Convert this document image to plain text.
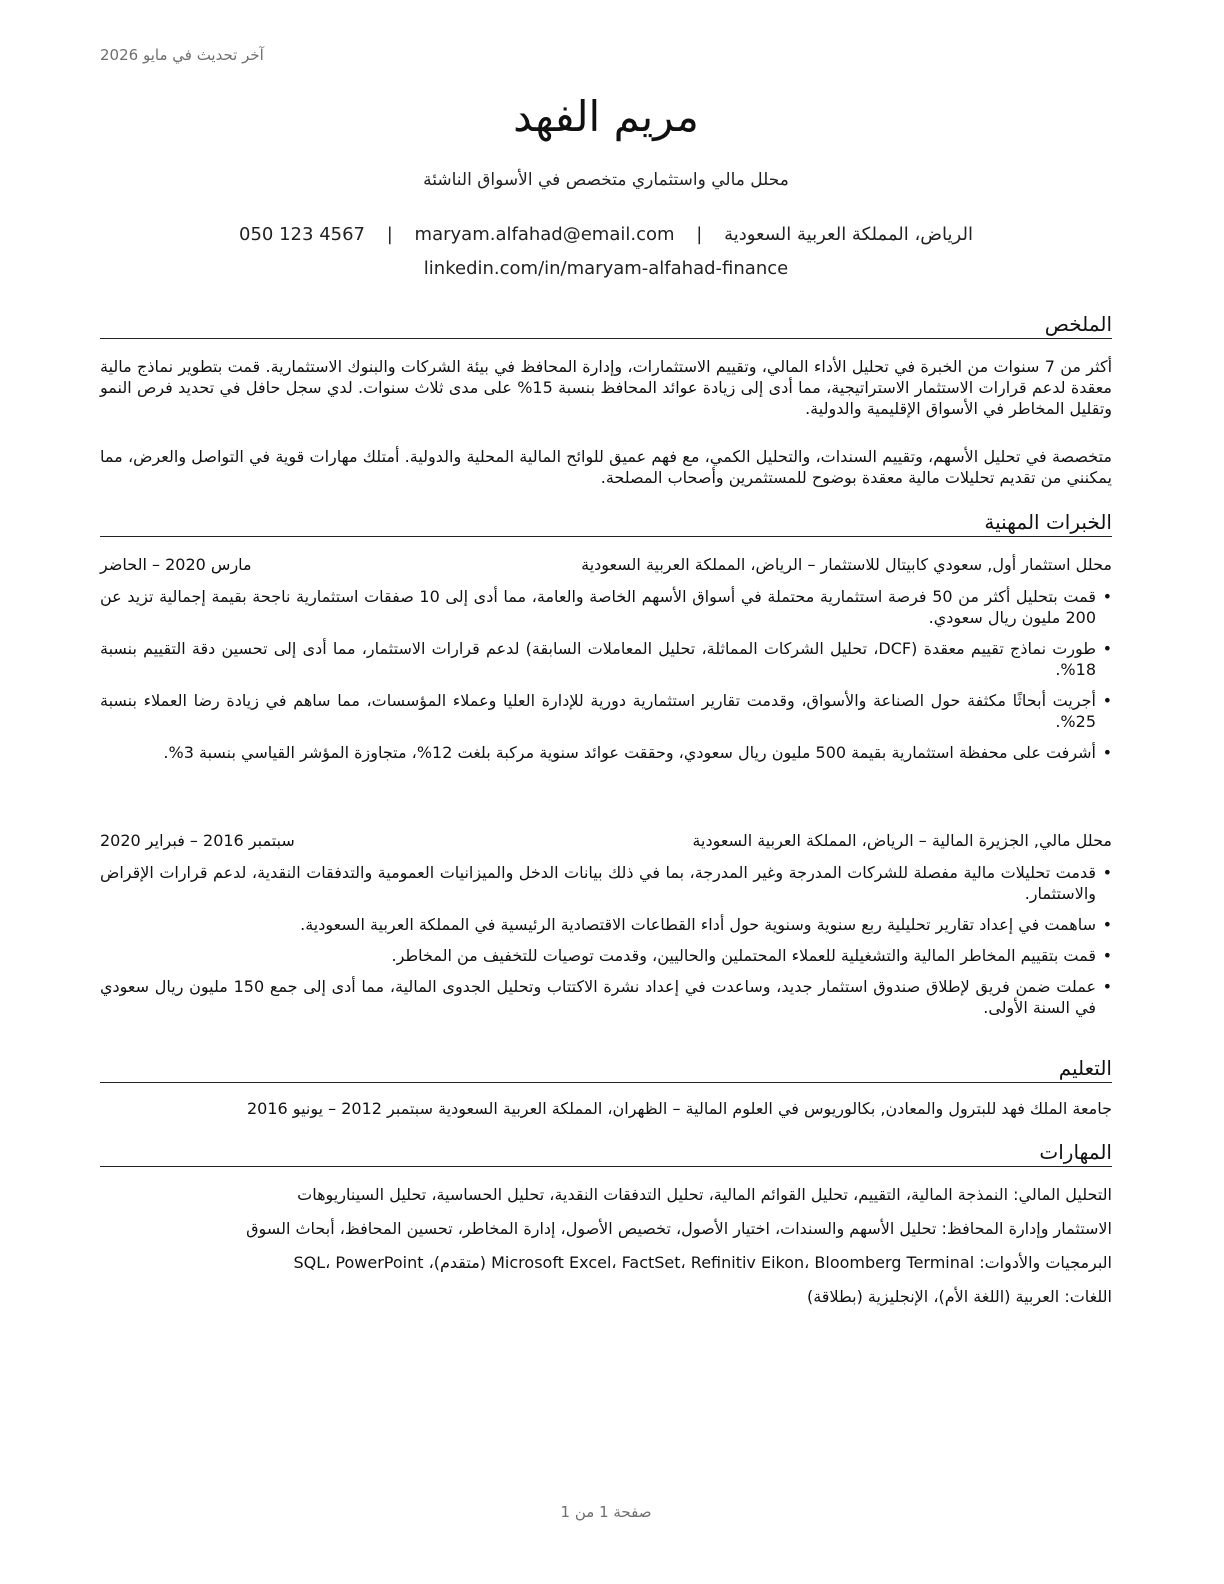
آخر تحديث في مايو 2026
مريم الفهد
محلل مالي واستثماري متخصص في الأسواق الناشئة
الرياض، المملكة العربية السعودية | maryam.alfahad@email.com | 050 123 4567
linkedin.com/in/maryam-alfahad-finance
الملخص

أكثر من 7 سنوات من الخبرة في تحليل الأداء المالي، وتقييم الاستثمارات، وإدارة المحافظ في بيئة الشركات والبنوك الاستثمارية. قمت بتطوير نماذج مالية معقدة لدعم قرارات الاستثمار الاستراتيجية، مما أدى إلى زيادة عوائد المحافظ بنسبة 15% على مدى ثلاث سنوات. لدي سجل حافل في تحديد فرص النمو وتقليل المخاطر في الأسواق الإقليمية والدولية.

متخصصة في تحليل الأسهم، وتقييم السندات، والتحليل الكمي، مع فهم عميق للوائح المالية المحلية والدولية. أمتلك مهارات قوية في التواصل والعرض، مما يمكنني من تقديم تحليلات مالية معقدة بوضوح للمستثمرين وأصحاب المصلحة.

الخبرات المهنية
محلل استثمار أول, سعودي كابيتال للاستثمار – الرياض، المملكة العربية السعودية
مارس 2020 – الحاضر
• قمت بتحليل أكثر من 50 فرصة استثمارية محتملة في أسواق الأسهم الخاصة والعامة، مما أدى إلى 10 صفقات استثمارية ناجحة بقيمة إجمالية تزيد عن 200 مليون ريال سعودي.
• طورت نماذج تقييم معقدة (DCF، تحليل الشركات المماثلة، تحليل المعاملات السابقة) لدعم قرارات الاستثمار، مما أدى إلى تحسين دقة التقييم بنسبة 18%.
• أجريت أبحاثًا مكثفة حول الصناعة والأسواق، وقدمت تقارير استثمارية دورية للإدارة العليا وعملاء المؤسسات، مما ساهم في زيادة رضا العملاء بنسبة 25%.
• أشرفت على محفظة استثمارية بقيمة 500 مليون ريال سعودي، وحققت عوائد سنوية مركبة بلغت 12%، متجاوزة المؤشر القياسي بنسبة 3%.
محلل مالي, الجزيرة المالية – الرياض، المملكة العربية السعودية
سبتمبر 2016 – فبراير 2020
• قدمت تحليلات مالية مفصلة للشركات المدرجة وغير المدرجة، بما في ذلك بيانات الدخل والميزانيات العمومية والتدفقات النقدية، لدعم قرارات الإقراض والاستثمار.
• ساهمت في إعداد تقارير تحليلية ربع سنوية وسنوية حول أداء القطاعات الاقتصادية الرئيسية في المملكة العربية السعودية.
• قمت بتقييم المخاطر المالية والتشغيلية للعملاء المحتملين والحاليين، وقدمت توصيات للتخفيف من المخاطر.
• عملت ضمن فريق لإطلاق صندوق استثمار جديد، وساعدت في إعداد نشرة الاكتتاب وتحليل الجدوى المالية، مما أدى إلى جمع 150 مليون ريال سعودي في السنة الأولى.
التعليم
جامعة الملك فهد للبترول والمعادن, بكالوريوس في العلوم المالية – الظهران، المملكة العربية السعودية سبتمبر 2012 – يونيو 2016
المهارات
التحليل المالي: النمذجة المالية، التقييم، تحليل القوائم المالية، تحليل التدفقات النقدية، تحليل الحساسية، تحليل السيناريوهات
الاستثمار وإدارة المحافظ: تحليل الأسهم والسندات، اختيار الأصول، تخصيص الأصول، إدارة المخاطر، تحسين المحافظ، أبحاث السوق
البرمجيات والأدوات: Microsoft Excel، FactSet، Refinitiv Eikon، Bloomberg Terminal (متقدم)، SQL، PowerPoint
اللغات: العربية (اللغة الأم)، الإنجليزية (بطلاقة)
صفحة 1 من 1
